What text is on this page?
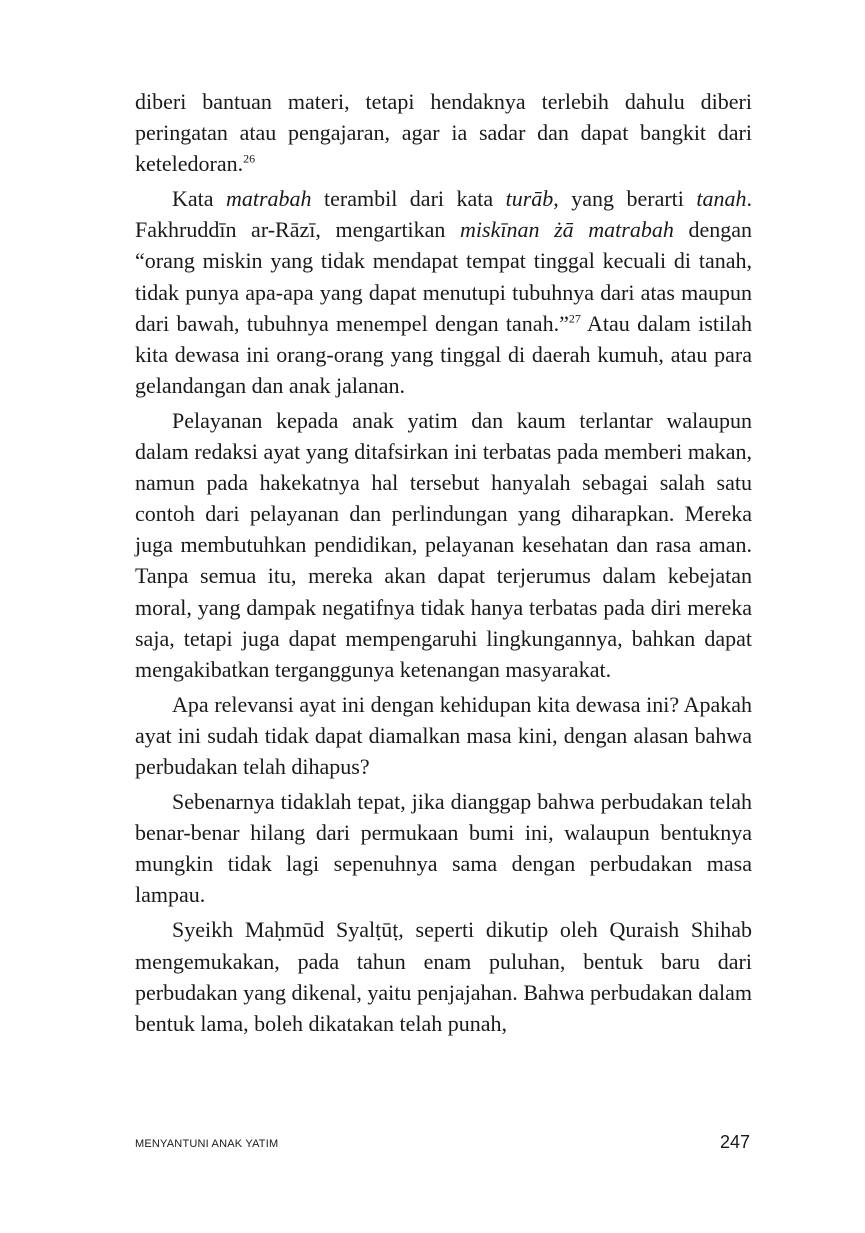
diberi bantuan materi, tetapi hendaknya terlebih dahulu diberi peringatan atau pengajaran, agar ia sadar dan dapat bangkit dari keteledoran.$^{26}$

Kata matrabah terambil dari kata turāb, yang berarti tanah. Fakhruddīn ar-Rāzī, mengartikan miskīnan żā matrabah dengan “orang miskin yang tidak mendapat tempat tinggal kecuali di tanah, tidak punya apa-apa yang dapat menutupi tubuhnya dari atas maupun dari bawah, tubuhnya menempel dengan tanah.”$^{27}$ Atau dalam istilah kita dewasa ini orang-orang yang tinggal di daerah kumuh, atau para gelandangan dan anak jalanan.

Pelayanan kepada anak yatim dan kaum terlantar walaupun dalam redaksi ayat yang ditafsirkan ini terbatas pada memberi makan, namun pada hakekatnya hal tersebut hanyalah sebagai salah satu contoh dari pelayanan dan perlindungan yang diharapkan. Mereka juga membutuhkan pendidikan, pelayanan kesehatan dan rasa aman. Tanpa semua itu, mereka akan dapat terjerumus dalam kebejatan moral, yang dampak negatifnya tidak hanya terbatas pada diri mereka saja, tetapi juga dapat mempengaruhi lingkungannya, bahkan dapat mengakibatkan terganggunya ketenangan masyarakat.

Apa relevansi ayat ini dengan kehidupan kita dewasa ini? Apakah ayat ini sudah tidak dapat diamalkan masa kini, dengan alasan bahwa perbudakan telah dihapus?

Sebenarnya tidaklah tepat, jika dianggap bahwa perbudakan telah benar-benar hilang dari permukaan bumi ini, walaupun bentuknya mungkin tidak lagi sepenuhnya sama dengan perbudakan masa lampau.

Syeikh Maḥmūd Syalṭūṭ, seperti dikutip oleh Quraish Shihab mengemukakan, pada tahun enam puluhan, bentuk baru dari perbudakan yang dikenal, yaitu penjajahan. Bahwa perbudakan dalam bentuk lama, boleh dikatakan telah punah,

MENYANTUNI ANAK YATIM	247
